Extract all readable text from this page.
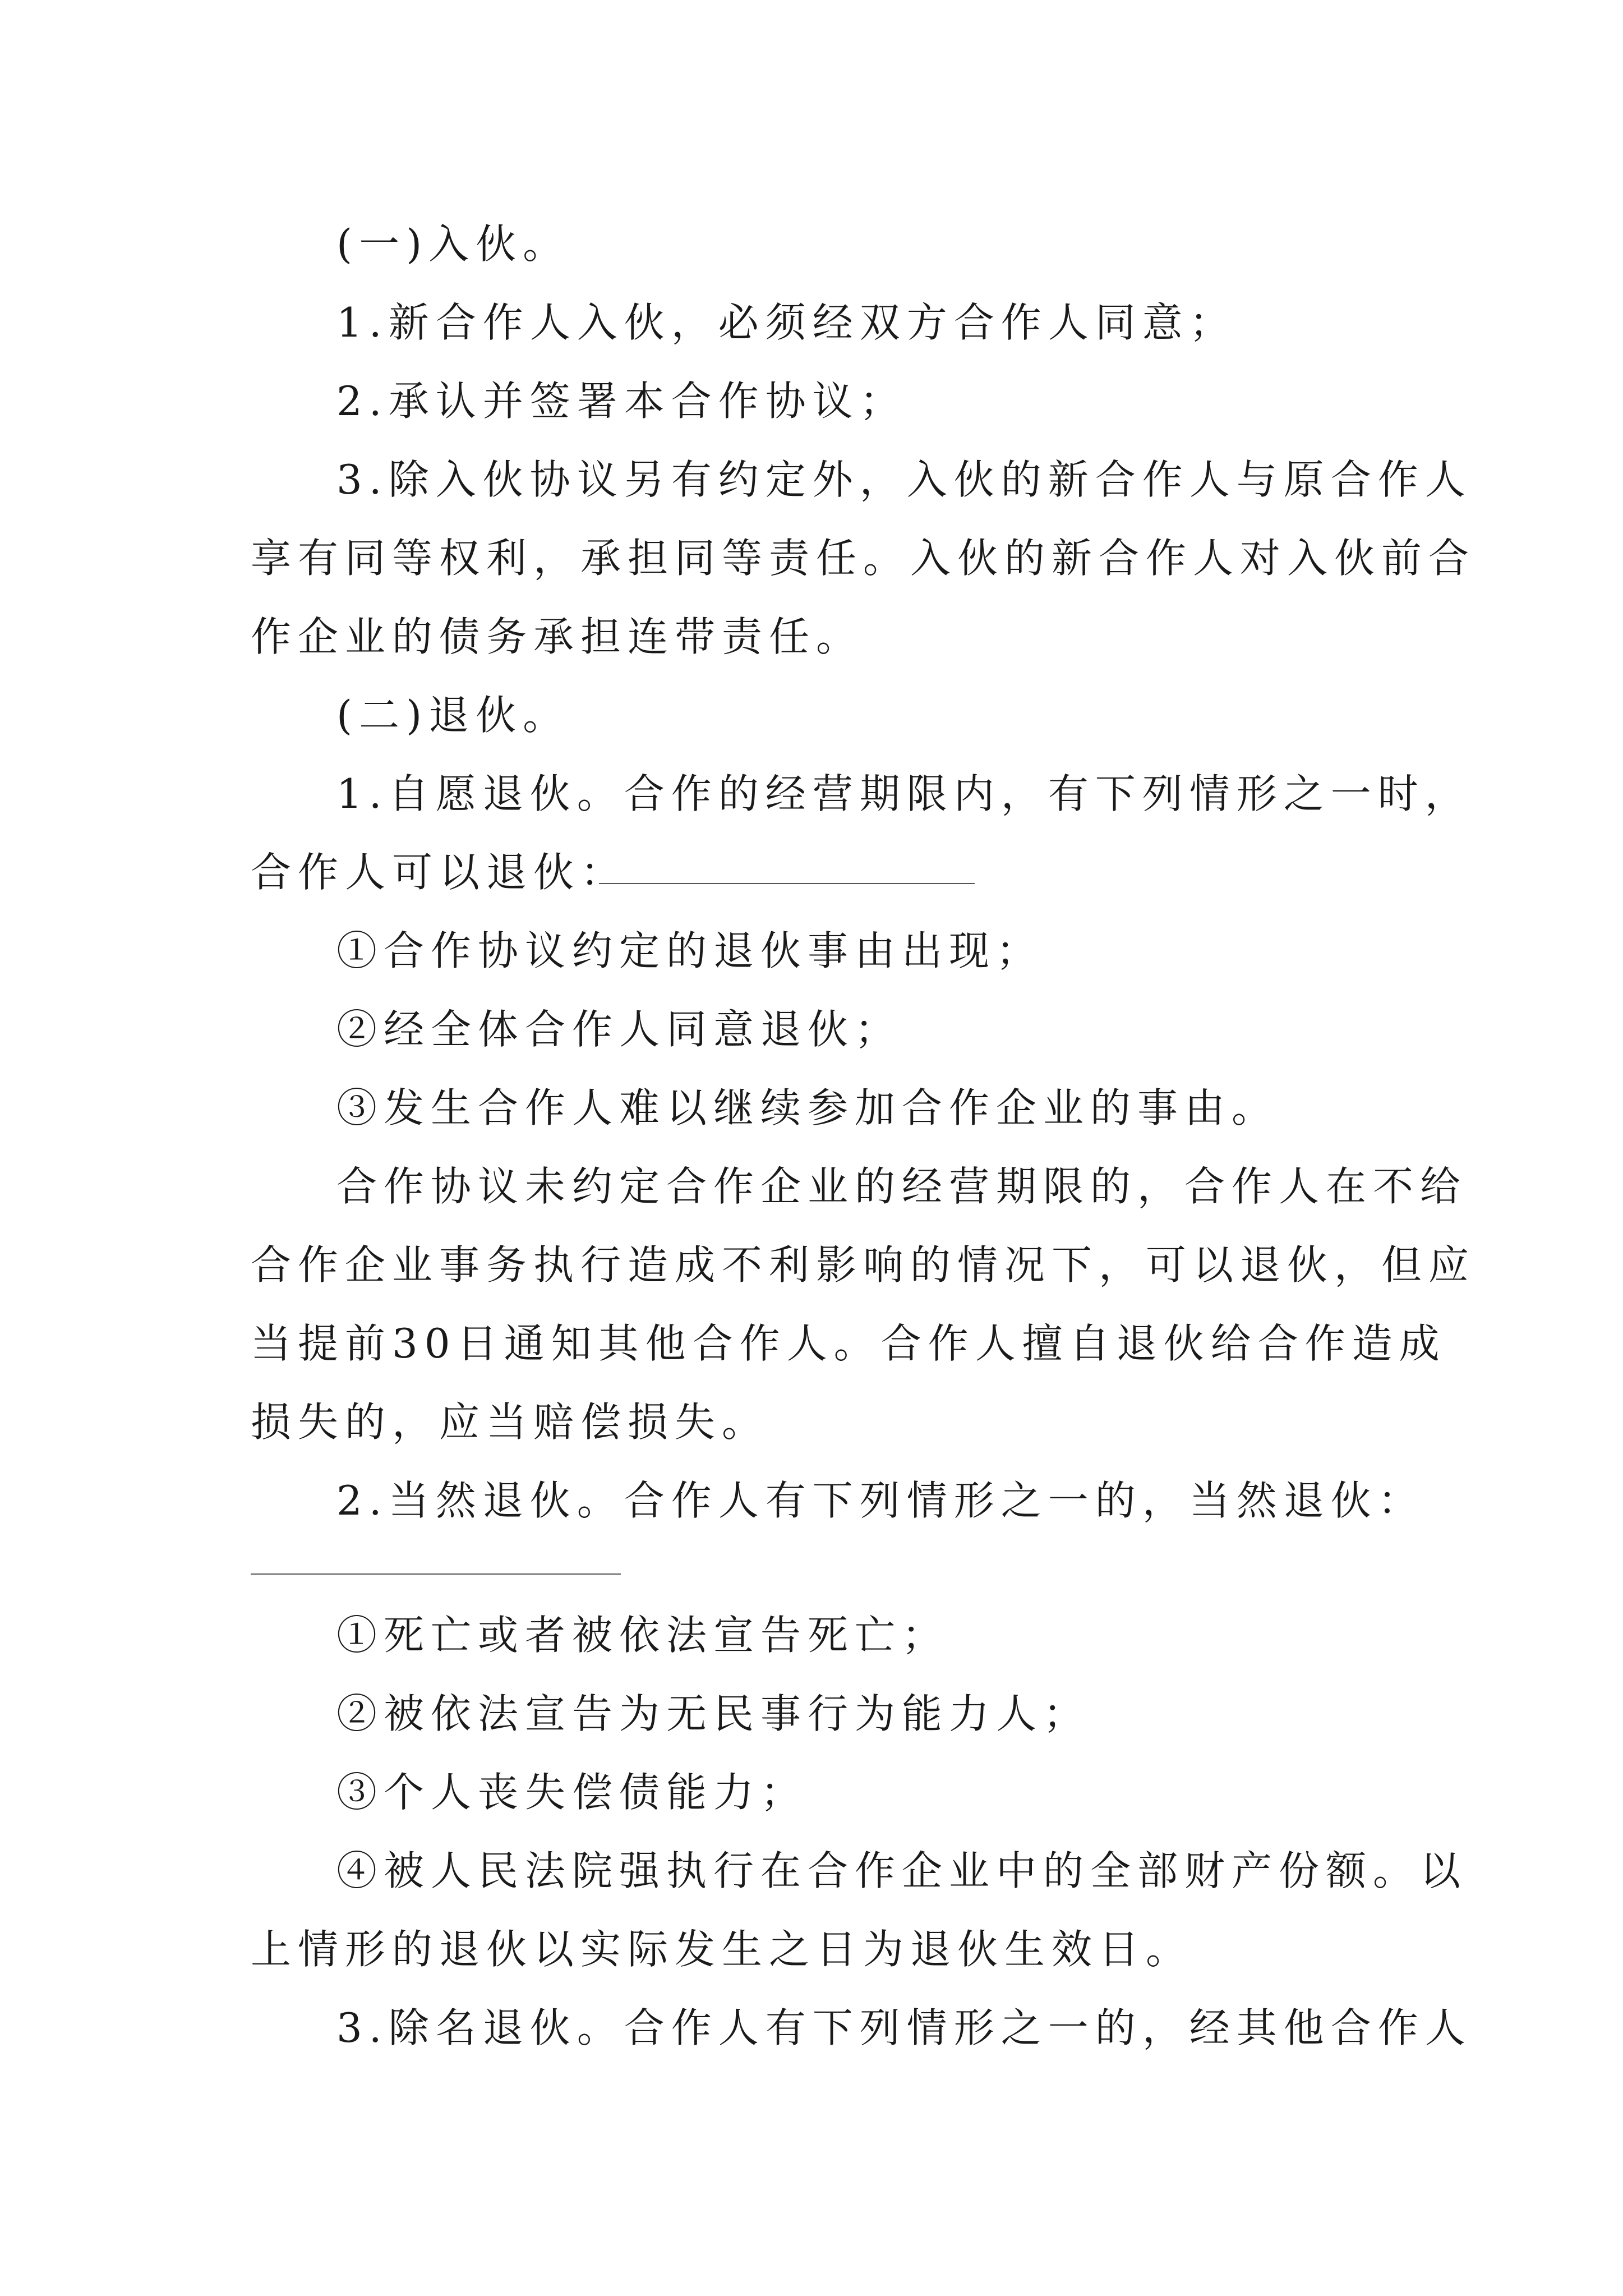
(一)入伙。
1.新合作人入伙，必须经双方合作人同意；
2.承认并签署本合作协议；
3.除入伙协议另有约定外，入伙的新合作人与原合作人
享有同等权利，承担同等责任。入伙的新合作人对入伙前合
作企业的债务承担连带责任。
(二)退伙。
1.自愿退伙。合作的经营期限内，有下列情形之一时，
合作人可以退伙：
①合作协议约定的退伙事由出现；
②经全体合作人同意退伙；
③发生合作人难以继续参加合作企业的事由。
合作协议未约定合作企业的经营期限的，合作人在不给
合作企业事务执行造成不利影响的情况下，可以退伙，但应
当提前30日通知其他合作人。合作人擅自退伙给合作造成
损失的，应当赔偿损失。
2.当然退伙。合作人有下列情形之一的，当然退伙：
①死亡或者被依法宣告死亡；
②被依法宣告为无民事行为能力人；
③个人丧失偿债能力；
④被人民法院强执行在合作企业中的全部财产份额。以
上情形的退伙以实际发生之日为退伙生效日。
3.除名退伙。合作人有下列情形之一的，经其他合作人
